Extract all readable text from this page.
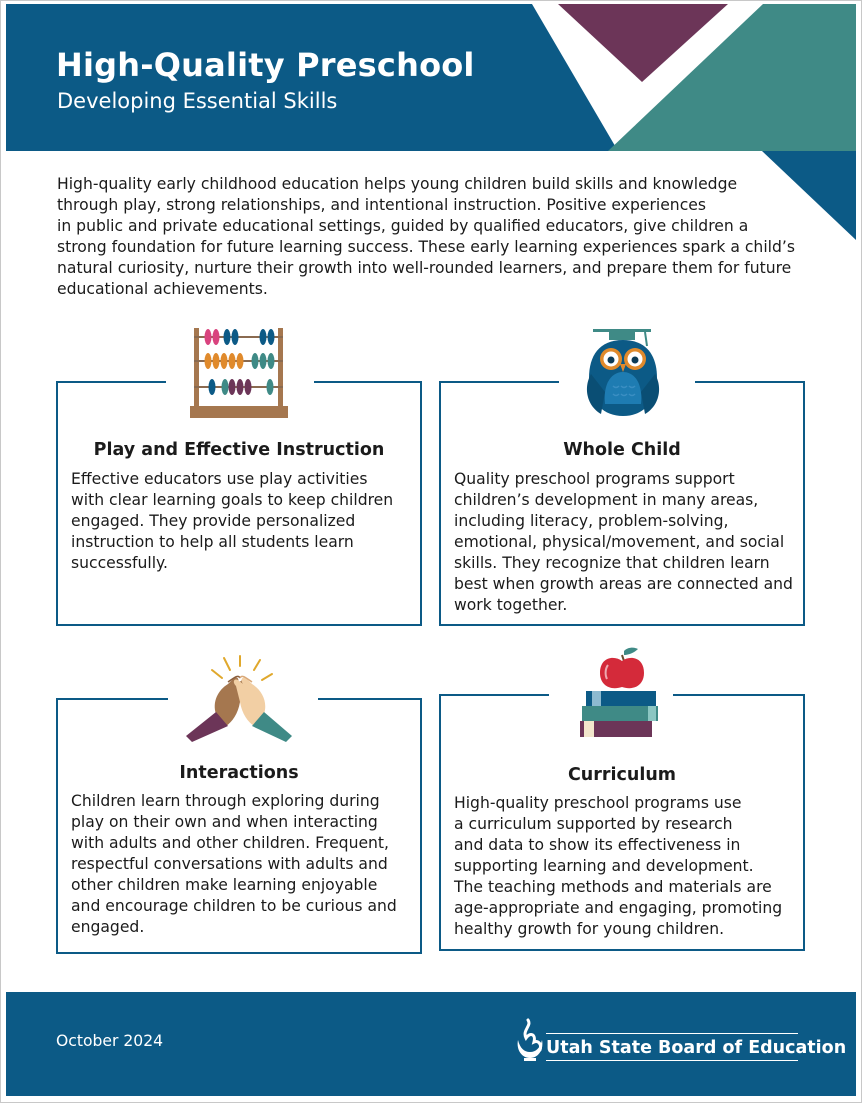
High-Quality Preschool
Developing Essential Skills

High-quality early childhood education helps young children build skills and knowledge
through play, strong relationships, and intentional instruction. Positive experiences
in public and private educational settings, guided by qualified educators, give children a
strong foundation for future learning success. These early learning experiences spark a child’s
natural curiosity, nurture their growth into well-rounded learners, and prepare them for future
educational achievements.

Play and Effective Instruction

Effective educators use play activities
with clear learning goals to keep children
engaged. They provide personalized
instruction to help all students learn
successfully.

Whole Child

Quality preschool programs support
children’s development in many areas,
including literacy, problem-solving,
emotional, physical/movement, and social
skills. They recognize that children learn
best when growth areas are connected and
work together.

Interactions

Children learn through exploring during
play on their own and when interacting
with adults and other children. Frequent,
respectful conversations with adults and
other children make learning enjoyable
and encourage children to be curious and
engaged.

Curriculum

High-quality preschool programs use
a curriculum supported by research
and data to show its effectiveness in
supporting learning and development.
The teaching methods and materials are
age-appropriate and engaging, promoting
healthy growth for young children.

October 2024	Utah State Board of Education
